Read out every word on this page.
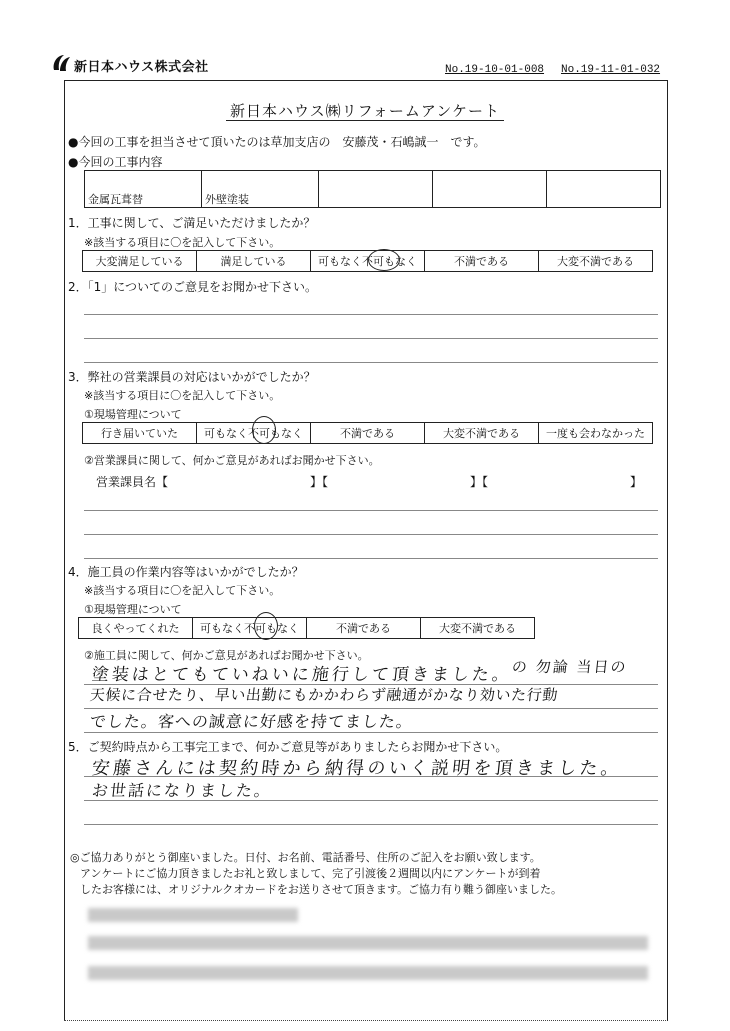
新日本ハウス株式会社	No.19-10-01-008 No.19-11-01-032
新日本ハウス㈱リフォームアンケート
●今回の工事を担当させて頂いたのは草加支店の　安藤茂・石嶋誠一　です。
●今回の工事内容
金属瓦葺替	外壁塗装			
1．工事に関して、ご満足いただけましたか？
※該当する項目に〇を記入して下さい。
大変満足している	満足している	可もなく不可もなく	不満である	大変不満である
2．「1」についてのご意見をお聞かせ下さい。
3．弊社の営業課員の対応はいかがでしたか？
※該当する項目に〇を記入して下さい。
①現場管理について
行き届いていた	可もなく不可もなく	不満である	大変不満である	一度も会わなかった
②営業課員に関して、何かご意見があればお聞かせ下さい。
営業課員名【	】【	】【	】
4．施工員の作業内容等はいかがでしたか？
※該当する項目に〇を記入して下さい。
①現場管理について
良くやってくれた	可もなく不可もなく	不満である	大変不満である
②施工員に関して、何かご意見があればお聞かせ下さい。
塗装はとてもていねいに施行して頂きました。
の 勿論 当日の
天候に合せたり、早い出勤にもかかわらず融通がかなり効いた行動
でした。客への誠意に好感を持てました。
5．ご契約時点から工事完工まで、何かご意見等がありましたらお聞かせ下さい。
安藤さんには契約時から納得のいく説明を頂きました。
お世話になりました。
◎ご協力ありがとう御座いました。日付、お名前、電話番号、住所のご記入をお願い致します。
アンケートにご協力頂きましたお礼と致しまして、完了引渡後２週間以内にアンケートが到着
したお客様には、オリジナルクオカードをお送りさせて頂きます。ご協力有り難う御座いました。
